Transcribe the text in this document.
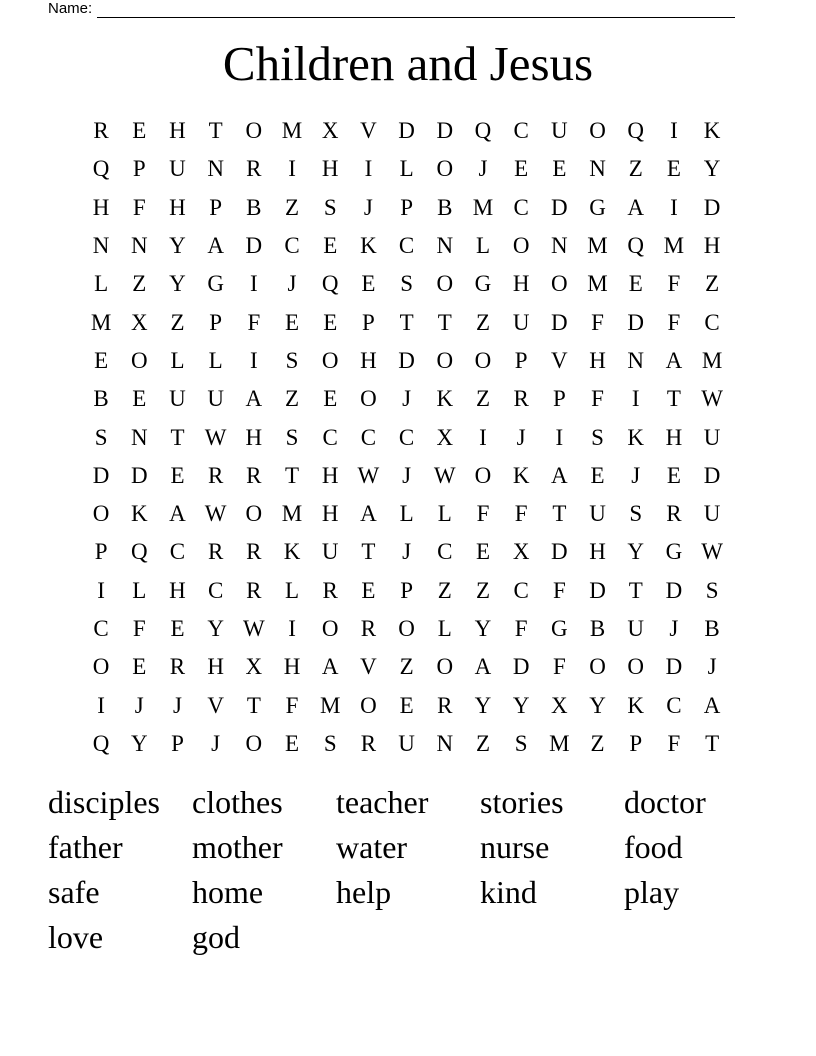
Name:
Children and Jesus
R	E H T O M X V D D Q C U O Q	I	K
Q	P	U N R	I	H	I	L O	J	E	E N Z	E Y
H	F	H	P	B	Z	S	J	P	B M C D G A	I	D
N N Y A D C	E K C N L O N M Q M H
L	Z Y G	I	J	Q E	S	O G H O M E	F	Z
M X Z	P	F	E	E	P	T	T	Z U D	F	D	F	C
E O L	L	I	S	O H D O O	P	V H N A M
B	E U U A Z	E O	J	K Z	R	P	F	I	T W
S	N T W H	S	C C C X	I	J	I	S	K H U
D D E	R R	T H W J W O K A E	J	E D
O K A W O M H A L	L	F	F	T U	S	R U
P	Q C R R K U T	J	C	E X D H Y G W
I	L H C R	L	R	E	P	Z	Z	C	F	D T D	S
C	F	E Y W	I	O R O L Y	F	G B U	J	B
O E	R H X H A V Z O A D	F	O O D	J
I	J	J	V T	F M O E	R Y Y X Y K C A
Q Y	P	J	O E	S	R U N Z	S M Z	P	F	T
disciples	clothes	teacher	stories	doctor
father	mother	water	nurse	food
safe	home	help	kind	play
love	god
